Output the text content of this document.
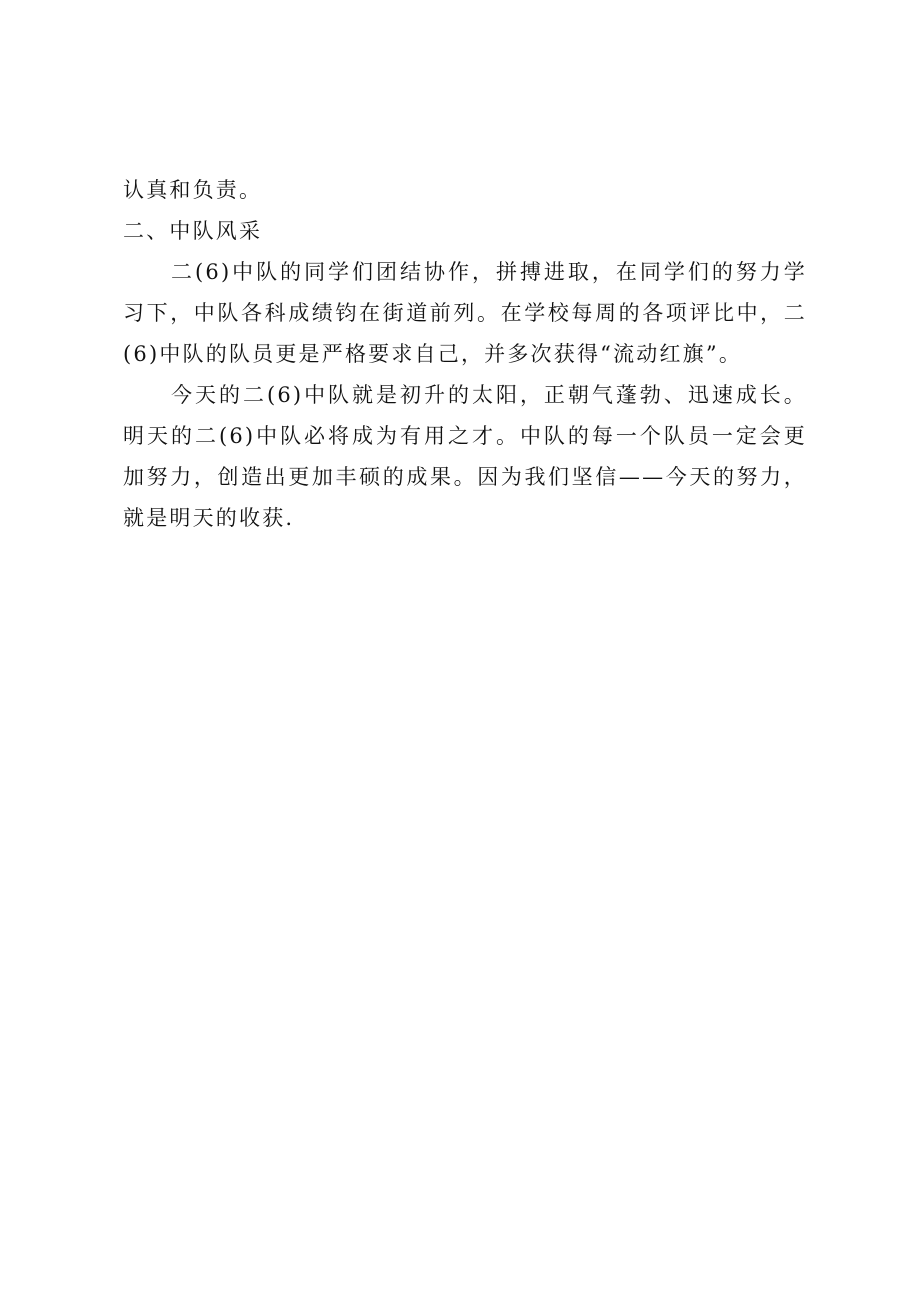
认真和负责。

二、中队风采

二(6)中队的同学们团结协作，拼搏进取，在同学们的努力学习下，中队各科成绩钧在街道前列。在学校每周的各项评比中，二(6)中队的队员更是严格要求自己，并多次获得“流动红旗”。

今天的二(6)中队就是初升的太阳，正朝气蓬勃、迅速成长。明天的二(6)中队必将成为有用之才。中队的每一个队员一定会更加努力，创造出更加丰硕的成果。因为我们坚信——今天的努力，就是明天的收获.
